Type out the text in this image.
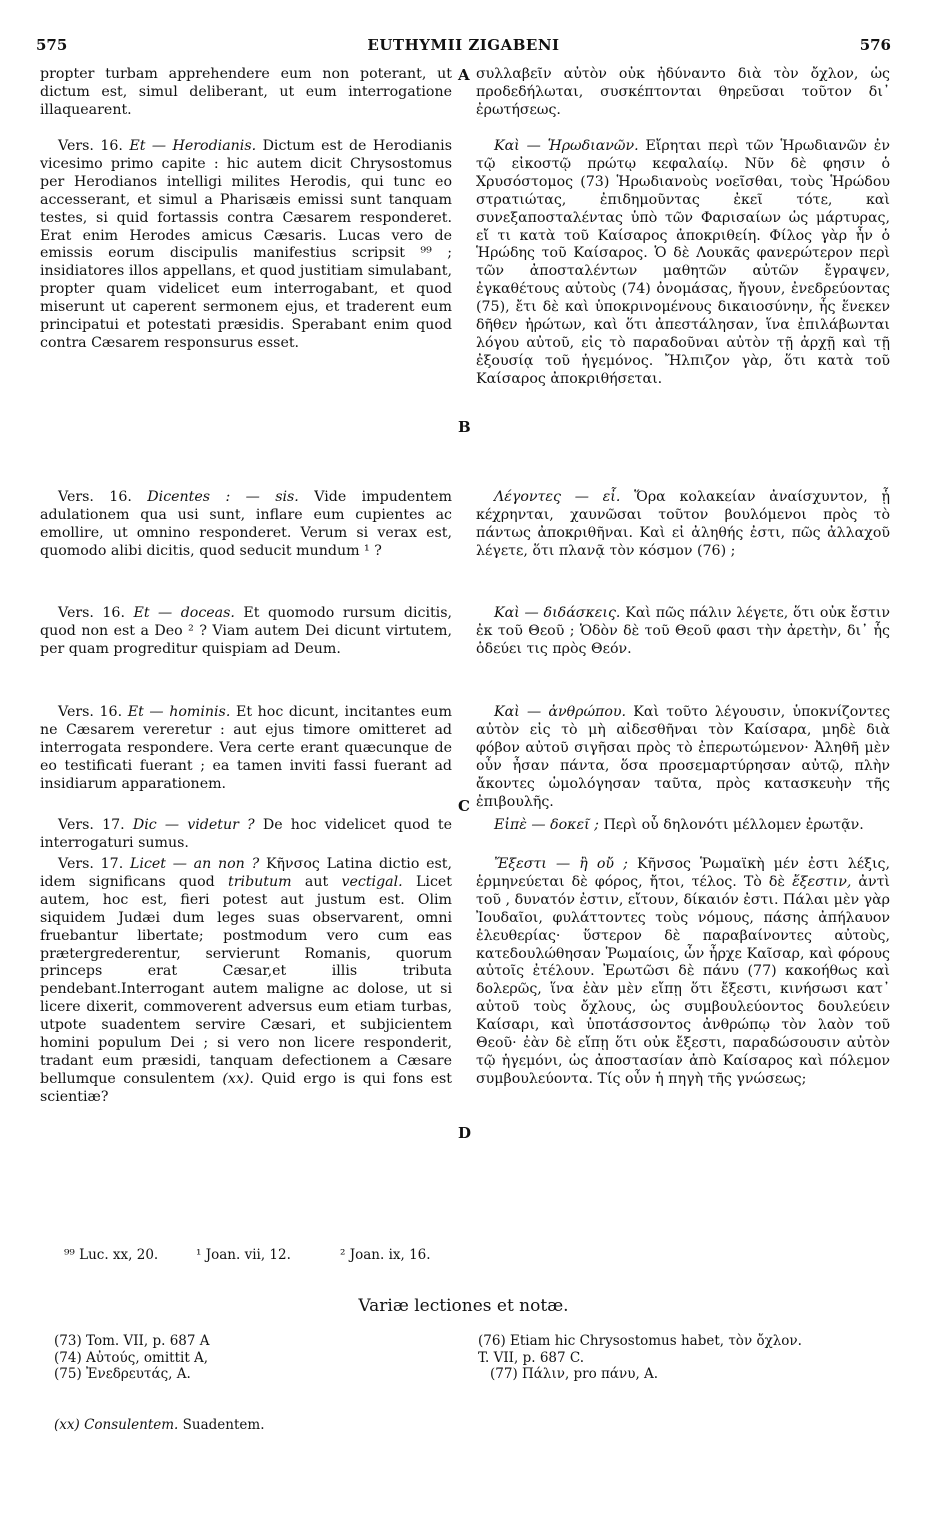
575	EUTHYMII ZIGABENI	576

propter turbam apprehendere eum non poterant, ut dictum est, simul deliberant, ut eum interrogatione illaquearent.

Vers. 16. Et — Herodianis. Dictum est de Herodianis vicesimo primo capite : hic autem dicit Chrysostomus per Herodianos intelligi milites Herodis, qui tunc eo accesserant, et simul a Pharisæis emissi sunt tanquam testes, si quid fortassis contra Cæsarem responderet. Erat enim Herodes amicus Cæsaris. Lucas vero de emissis eorum discipulis manifestius scripsit ⁹⁹ ; insidiatores illos appellans, et quod justitiam simulabant, propter quam videlicet eum interrogabant, et quod miserunt ut caperent sermonem ejus, et traderent eum principatui et potestati præsidis. Sperabant enim quod contra Cæsarem responsurus esset.

Vers. 16. Dicentes : — sis. Vide impudentem adulationem qua usi sunt, inflare eum cupientes ac emollire, ut omnino responderet. Verum si verax est, quomodo alibi dicitis, quod seducit mundum ¹ ?

Vers. 16. Et — doceas. Et quomodo rursum dicitis, quod non est a Deo ² ? Viam autem Dei dicunt virtutem, per quam progreditur quispiam ad Deum.

Vers. 16. Et — hominis. Et hoc dicunt, incitantes eum ne Cæsarem vereretur : aut ejus timore omitteret ad interrogata respondere. Vera certe erant quæcunque de eo testificati fuerant ; ea tamen inviti fassi fuerant ad insidiarum apparationem.

Vers. 17. Dic — videtur ? De hoc videlicet quod te interrogaturi sumus.

Vers. 17. Licet — an non ? Κῆνσος Latina dictio est, idem significans quod tributum aut vectigal. Licet autem, hoc est, fieri potest aut justum est. Olim siquidem Judæi dum leges suas observarent, omni fruebantur libertate; postmodum vero cum eas prætergrederentur, servierunt Romanis, quorum princeps erat Cæsar,et illis tributa pendebant.Interrogant autem maligne ac dolose, ut si licere dixerit, commoverent adversus eum etiam turbas, utpote suadentem servire Cæsari, et subjicientem homini populum Dei ; si vero non licere responderit, tradant eum præsidi, tanquam defectionem a Cæsare bellumque consulentem (xx). Quid ergo is qui fons est scientiæ?

συλλαβεῖν αὐτὸν οὐκ ἠδύναντο διὰ τὸν ὄχλον, ὡς προδεδήλωται, συσκέπτονται θηρεῦσαι τοῦτον δι᾽ ἐρωτήσεως.

Καὶ — Ἡρωδιανῶν. Εἴρηται περὶ τῶν Ἡρωδιανῶν ἐν τῷ εἰκοστῷ πρώτῳ κεφαλαίῳ. Νῦν δὲ φησιν ὁ Χρυσόστομος (73) Ἡρωδιανοὺς νοεῖσθαι, τοὺς Ἡρώδου στρατιώτας, ἐπιδημοῦντας ἐκεῖ τότε, καὶ συνεξαποσταλέντας ὑπὸ τῶν Φαρισαίων ὡς μάρτυρας, εἴ τι κατὰ τοῦ Καίσαρος ἀποκριθείη. Φίλος γὰρ ἦν ὁ Ἡρώδης τοῦ Καίσαρος. Ὁ δὲ Λουκᾶς φανερώτερον περὶ τῶν ἀποσταλέντων μαθητῶν αὐτῶν ἔγραψεν, ἐγκαθέτους αὐτοὺς (74) ὀνομάσας, ἤγουν, ἐνεδρεύοντας (75), ἔτι δὲ καὶ ὑποκρινομένους δικαιοσύνην, ἧς ἕνεκεν δῆθεν ἠρώτων, καὶ ὅτι ἀπεστάλησαν, ἵνα ἐπιλάβωνται λόγου αὐτοῦ, εἰς τὸ παραδοῦναι αὐτὸν τῇ ἀρχῇ καὶ τῇ ἐξουσίᾳ τοῦ ἡγεμόνος. Ἤλπιζον γὰρ, ὅτι κατὰ τοῦ Καίσαρος ἀποκριθήσεται.

Λέγοντες — εἶ. Ὅρα κολακείαν ἀναίσχυντον, ᾗ κέχρηνται, χαυνῶσαι τοῦτον βουλόμενοι πρὸς τὸ πάντως ἀποκριθῆναι. Καὶ εἰ ἀληθής ἐστι, πῶς ἀλλαχοῦ λέγετε, ὅτι πλανᾷ τὸν κόσμον (76) ;

Καὶ — διδάσκεις. Καὶ πῶς πάλιν λέγετε, ὅτι οὐκ ἔστιν ἐκ τοῦ Θεοῦ ; Ὁδὸν δὲ τοῦ Θεοῦ φασι τὴν ἀρετὴν, δι᾽ ἧς ὁδεύει τις πρὸς Θεόν.

Καὶ — ἀνθρώπου. Καὶ τοῦτο λέγουσιν, ὑποκνίζοντες αὐτὸν εἰς τὸ μὴ αἰδεσθῆναι τὸν Καίσαρα, μηδὲ διὰ φόβον αὐτοῦ σιγῆσαι πρὸς τὸ ἐπερωτώμενον· Ἀληθῆ μὲν οὖν ἦσαν πάντα, ὅσα προσεμαρτύρησαν αὐτῷ, πλὴν ἄκοντες ὡμολόγησαν ταῦτα, πρὸς κατασκευὴν τῆς ἐπιβουλῆς.

Εἰπὲ — δοκεῖ ; Περὶ οὗ δηλονότι μέλλομεν ἐρωτᾷν.

Ἔξεστι — ἢ οὔ ; Κῆνσος Ῥωμαϊκὴ μέν ἐστι λέξις, ἑρμηνεύεται δὲ φόρος, ἤτοι, τέλος. Τὸ δὲ ἔξεστιν, ἀντὶ τοῦ , δυνατόν ἐστιν, εἴτουν, δίκαιόν ἐστι. Πάλαι μὲν γὰρ Ἰουδαῖοι, φυλάττοντες τοὺς νόμους, πάσης ἀπήλαυον ἐλευθερίας· ὕστερον δὲ παραβαίνοντες αὐτοὺς, κατεδουλώθησαν Ῥωμαίοις, ὧν ἦρχε Καῖσαρ, καὶ φόρους αὐτοῖς ἐτέλουν. Ἐρωτῶσι δὲ πάνυ (77) κακοήθως καὶ δολερῶς, ἵνα ἐὰν μὲν εἴπῃ ὅτι ἔξεστι, κινήσωσι κατ᾽ αὐτοῦ τοὺς ὄχλους, ὡς συμβουλεύοντος δουλεύειν Καίσαρι, καὶ ὑποτάσσοντος ἀνθρώπῳ τὸν λαὸν τοῦ Θεοῦ· ἐὰν δὲ εἴπῃ ὅτι οὐκ ἔξεστι, παραδώσουσιν αὐτὸν τῷ ἡγεμόνι, ὡς ἀποστασίαν ἀπὸ Καίσαρος καὶ πόλεμον συμβουλεύοντα. Τίς οὖν ἡ πηγὴ τῆς γνώσεως;

A
B
C
D
⁹⁹ Luc. xx, 20.	¹ Joan. vii, 12.	² Joan. ix, 16.
Variæ lectiones et notæ.
(73) Tom. VII, p. 687 A
(74) Αὐτούς, omittit A,
(75) Ἐνεδρευτάς, A.
(76) Etiam hic Chrysostomus habet, τὸν ὄχλον.
T. VII, p. 687 C.
(77) Πάλιν, pro πάνυ, A.
(xx) Consulentem. Suadentem.
